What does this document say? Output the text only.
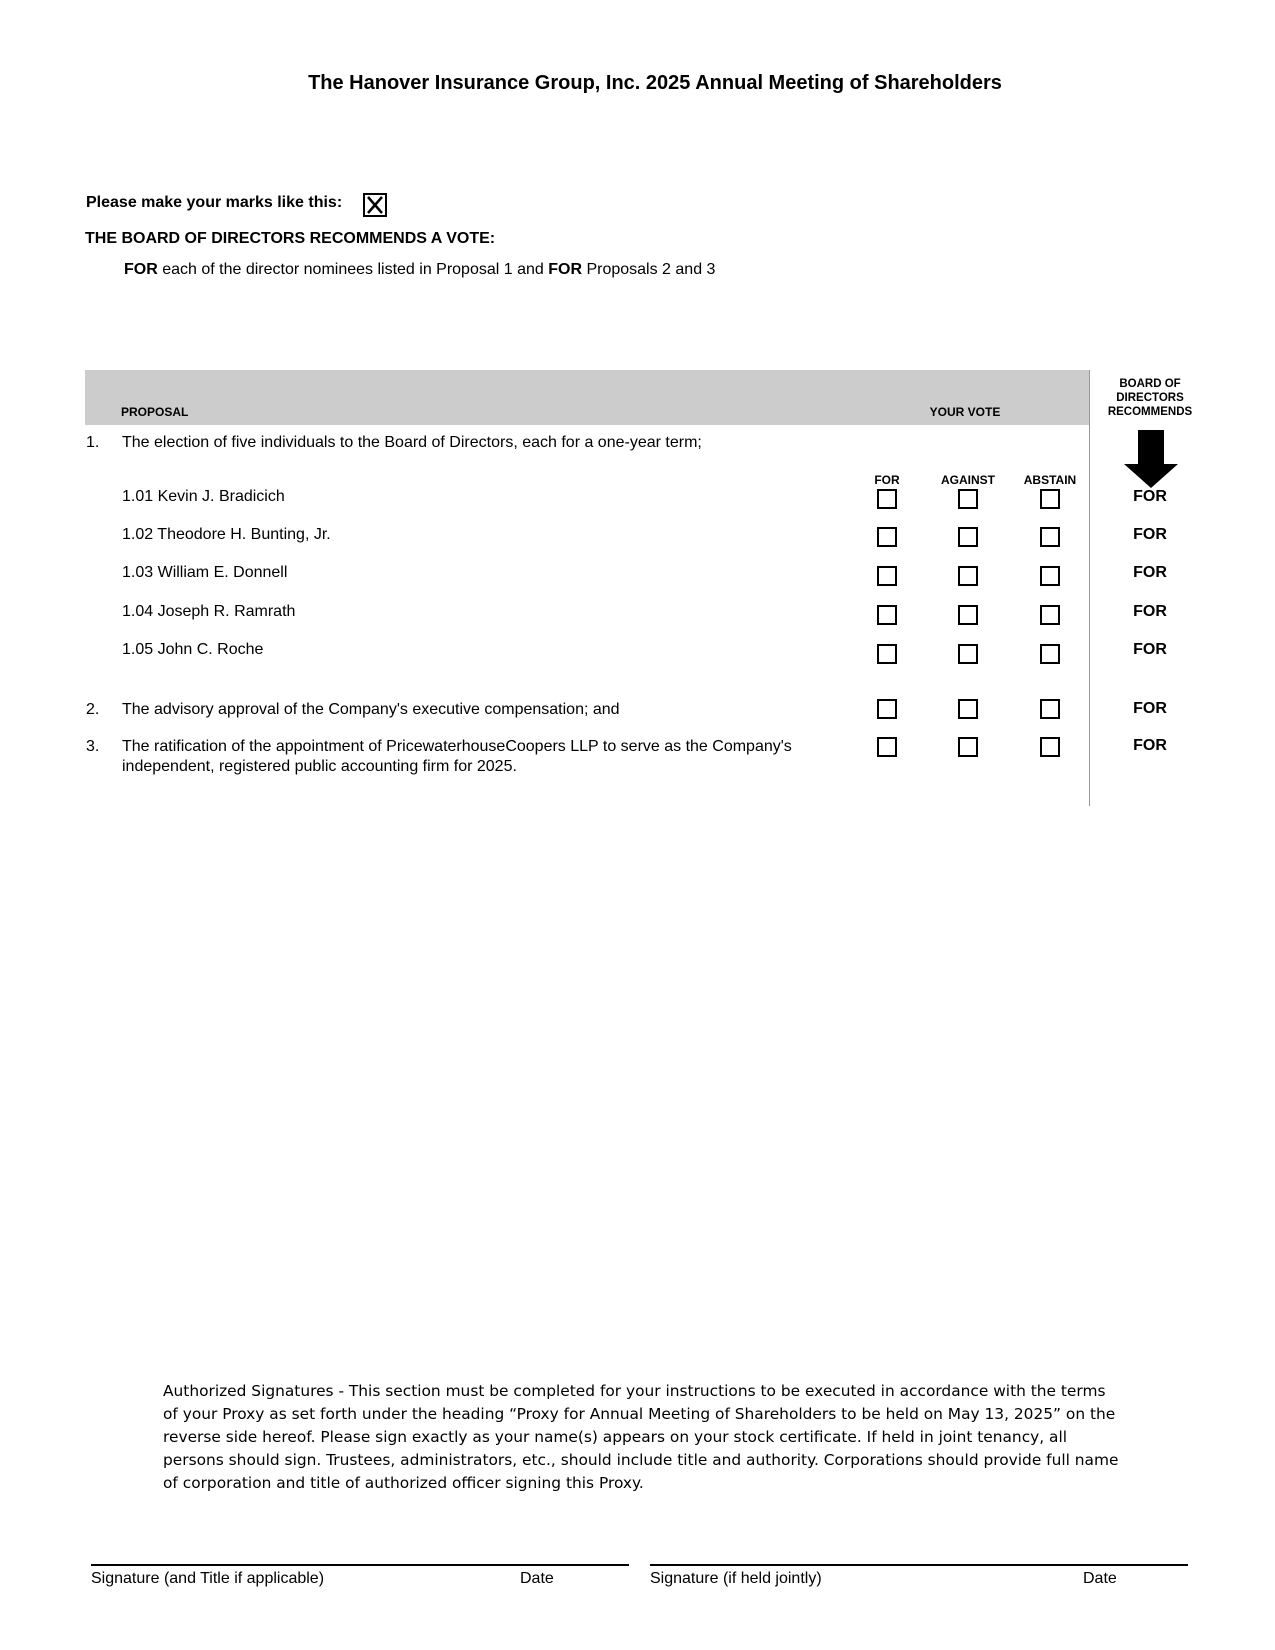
The Hanover Insurance Group, Inc. 2025 Annual Meeting of Shareholders
Please make your marks like this:
THE BOARD OF DIRECTORS RECOMMENDS A VOTE:
FOR each of the director nominees listed in Proposal 1 and FOR Proposals 2 and 3
PROPOSAL	YOUR VOTE
BOARD OF
DIRECTORS
RECOMMENDS
1. The election of five individuals to the Board of Directors, each for a one-year term;
FOR	AGAINST	ABSTAIN
1.01 Kevin J. Bradicich	FOR
1.02 Theodore H. Bunting, Jr.	FOR
1.03 William E. Donnell	FOR
1.04 Joseph R. Ramrath	FOR
1.05 John C. Roche	FOR
2. The advisory approval of the Company's executive compensation; and	FOR
3. The ratification of the appointment of PricewaterhouseCoopers LLP to serve as the Company's
independent, registered public accounting firm for 2025.
FOR
Authorized Signatures - This section must be completed for your instructions to be executed in accordance with the terms of your Proxy as set forth under the heading “Proxy for Annual Meeting of Shareholders to be held on May 13, 2025” on the reverse side hereof. Please sign exactly as your name(s) appears on your stock certificate. If held in joint tenancy, all persons should sign. Trustees, administrators, etc., should include title and authority. Corporations should provide full name of corporation and title of authorized officer signing this Proxy.
Signature (and Title if applicable)	Date	Signature (if held jointly)	Date
